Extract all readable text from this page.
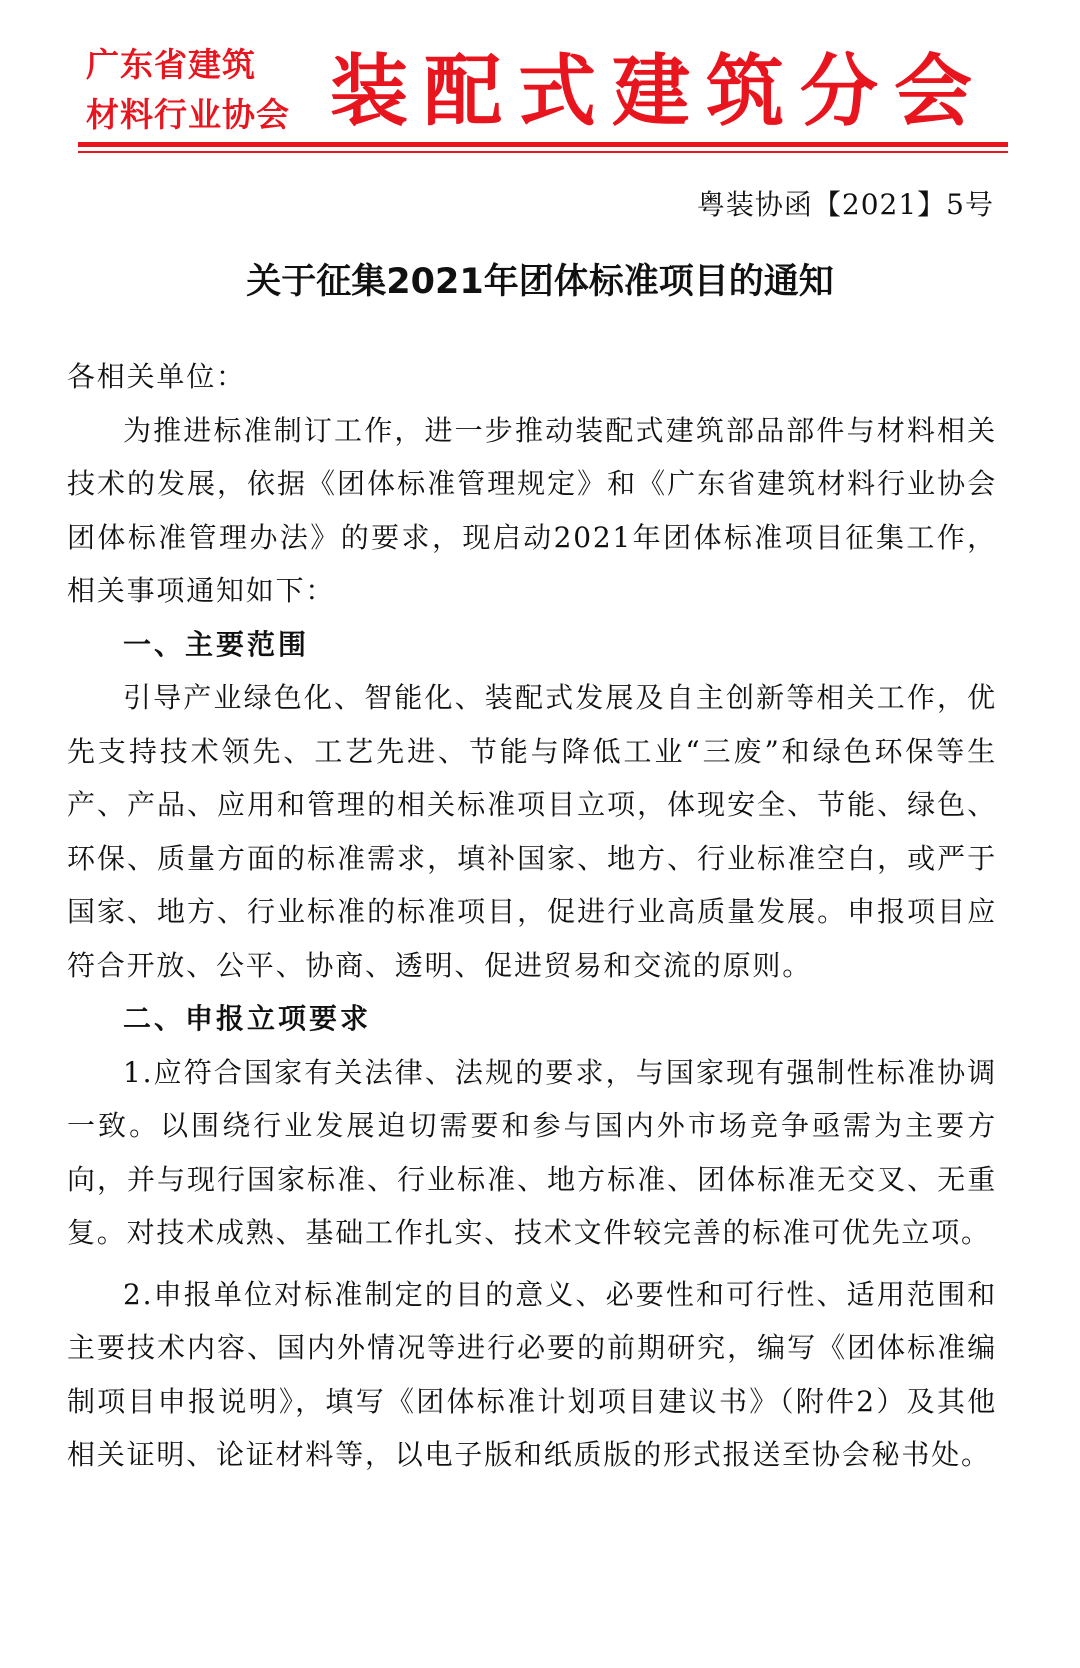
广东省建筑
材料行业协会 装配式建筑分会
粤装协函【2021】5号
关于征集2021年团体标准项目的通知

各相关单位：

为推进标准制订工作，进一步推动装配式建筑部品部件与材料相关技术的发展，依据《团体标准管理规定》和《广东省建筑材料行业协会团体标准管理办法》的要求，现启动2021年团体标准项目征集工作，相关事项通知如下：

一、主要范围

引导产业绿色化、智能化、装配式发展及自主创新等相关工作，优先支持技术领先、工艺先进、节能与降低工业“三废”和绿色环保等生产、产品、应用和管理的相关标准项目立项，体现安全、节能、绿色、环保、质量方面的标准需求，填补国家、地方、行业标准空白，或严于国家、地方、行业标准的标准项目，促进行业高质量发展。申报项目应符合开放、公平、协商、透明、促进贸易和交流的原则。

二、申报立项要求

1.应符合国家有关法律、法规的要求，与国家现有强制性标准协调一致。以围绕行业发展迫切需要和参与国内外市场竞争亟需为主要方向，并与现行国家标准、行业标准、地方标准、团体标准无交叉、无重复。对技术成熟、基础工作扎实、技术文件较完善的标准可优先立项。

2.申报单位对标准制定的目的意义、必要性和可行性、适用范围和主要技术内容、国内外情况等进行必要的前期研究，编写《团体标准编制项目申报说明》，填写《团体标准计划项目建议书》（附件2）及其他相关证明、论证材料等，以电子版和纸质版的形式报送至协会秘书处。
